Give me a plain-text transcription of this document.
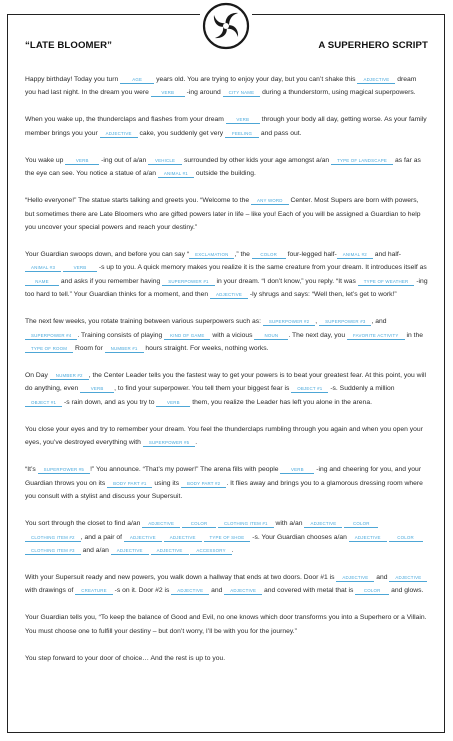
“LATE BLOOMER”	A SUPERHERO SCRIPT

Happy birthday! Today you turn	AGE years old. You are trying to enjoy your day, but you can’t shake this ADJECTIVE dream you had last night. In the dream you were VERB -ing around CITY NAME during a thunderstorm, using magical superpowers.

When you wake up, the thunderclaps and flashes from your dream VERB through your body all day, getting worse. As your family member brings you your ADJECTIVE cake, you suddenly get very FEELING and pass out.

You wake up VERB -ing out of a/an VEHICLE surrounded by other kids your age amongst a/an TYPE OF LANDSCAPE as far as the eye can see. You notice a statue of a/an ANIMAL #1 outside the building.

“Hello everyone!” The statue starts talking and greets you. “Welcome to the ANY WORD Center. Most Supers are born with powers, but sometimes there are Late Bloomers who are gifted powers later in life – like you! Each of you will be assigned a Guardian to help you uncover your special powers and reach your destiny.”

Your Guardian swoops down, and before you can say “ EXCLAMATION ,” the COLOR four-legged half- ANIMAL #2 and half-ANIMAL #3	VERB -s up to you. A quick memory makes you realize it is the same creature from your dream. It introduces itself as NAME and asks if you remember having SUPERPOWER #1 in your dream. “I don’t know,” you reply. “It was TYPE OF WEATHER -ing too hard to tell.” Your Guardian thinks for a moment, and then ADJECTIVE -ly shrugs and says: “Well then, let’s get to work!”

The next few weeks, you rotate training between various superpowers such as: SUPERPOWER #2 , SUPERPOWER #3 , and SUPERPOWER #4 . Training consists of playing KIND OF GAME with a vicious NOUN . The next day, you FAVORITE ACTIVITY in the TYPE OF ROOM Room for NUMBER #1 hours straight. For weeks, nothing works.

On Day NUMBER #2 , the Center Leader tells you the fastest way to get your powers is to beat your greatest fear. At this point, you will do anything, even VERB , to find your superpower. You tell them your biggest fear is OBJECT #1 -s. Suddenly a million OBJECT #1 -s rain down, and as you try to VERB them, you realize the Leader has left you alone in the arena.

You close your eyes and try to remember your dream. You feel the thunderclaps rumbling through you again and when you open your eyes, you’ve destroyed everything with SUPERPOWER #5 .

“It’s SUPERPOWER #5 !” You announce. “That’s my power!” The arena fills with people VERB -ing and cheering for you, and your Guardian throws you on its BODY PART #1 using its BODY PART #2 . It flies away and brings you to a glamorous dressing room where you consult with a stylist and discuss your Supersuit.

You sort through the closet to find a/an ADJECTIVE	COLOR	CLOTHING ITEM #1 with a/an ADJECTIVE	COLOR CLOTHING ITEM #2 , and a pair of ADJECTIVE	ADJECTIVE	TYPE OF SHOE -s. Your Guardian chooses a/an ADJECTIVE	COLOR CLOTHING ITEM #3 and a/an ADJECTIVE	ADJECTIVE	ACCESSORY .

With your Supersuit ready and new powers, you walk down a hallway that ends at two doors. Door #1 is ADJECTIVE and ADJECTIVE with drawings of CREATURE -s on it. Door #2 is ADJECTIVE and ADJECTIVE and covered with metal that is COLOR and glows.

Your Guardian tells you, “To keep the balance of Good and Evil, no one knows which door transforms you into a Superhero or a Villain. You must choose one to fulfill your destiny – but don’t worry, I’ll be with you for the journey.”

You step forward to your door of choice… And the rest is up to you.
